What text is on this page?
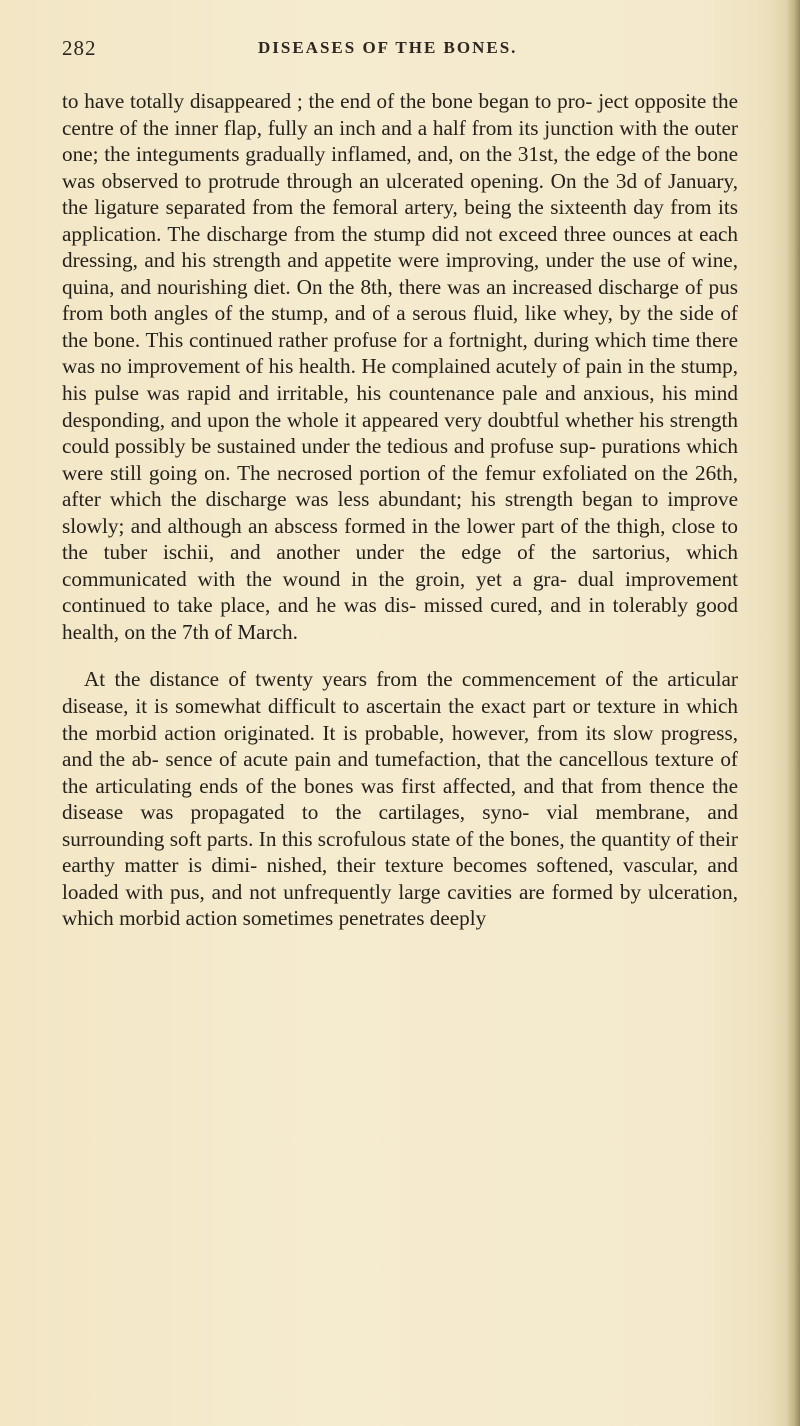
282	DISEASES OF THE BONES.

to have totally disappeared ; the end of the bone began to pro- ject opposite the centre of the inner flap, fully an inch and a half from its junction with the outer one; the integuments gradually inflamed, and, on the 31st, the edge of the bone was observed to protrude through an ulcerated opening. On the 3d of January, the ligature separated from the femoral artery, being the sixteenth day from its application. The discharge from the stump did not exceed three ounces at each dressing, and his strength and appetite were improving, under the use of wine, quina, and nourishing diet. On the 8th, there was an increased discharge of pus from both angles of the stump, and of a serous fluid, like whey, by the side of the bone. This continued rather profuse for a fortnight, during which time there was no improvement of his health. He complained acutely of pain in the stump, his pulse was rapid and irritable, his countenance pale and anxious, his mind desponding, and upon the whole it appeared very doubtful whether his strength could possibly be sustained under the tedious and profuse sup- purations which were still going on. The necrosed portion of the femur exfoliated on the 26th, after which the discharge was less abundant; his strength began to improve slowly; and although an abscess formed in the lower part of the thigh, close to the tuber ischii, and another under the edge of the sartorius, which communicated with the wound in the groin, yet a gra- dual improvement continued to take place, and he was dis- missed cured, and in tolerably good health, on the 7th of March.

At the distance of twenty years from the commencement of the articular disease, it is somewhat difficult to ascertain the exact part or texture in which the morbid action originated. It is probable, however, from its slow progress, and the ab- sence of acute pain and tumefaction, that the cancellous texture of the articulating ends of the bones was first affected, and that from thence the disease was propagated to the cartilages, syno- vial membrane, and surrounding soft parts. In this scrofulous state of the bones, the quantity of their earthy matter is dimi- nished, their texture becomes softened, vascular, and loaded with pus, and not unfrequently large cavities are formed by ulceration, which morbid action sometimes penetrates deeply
